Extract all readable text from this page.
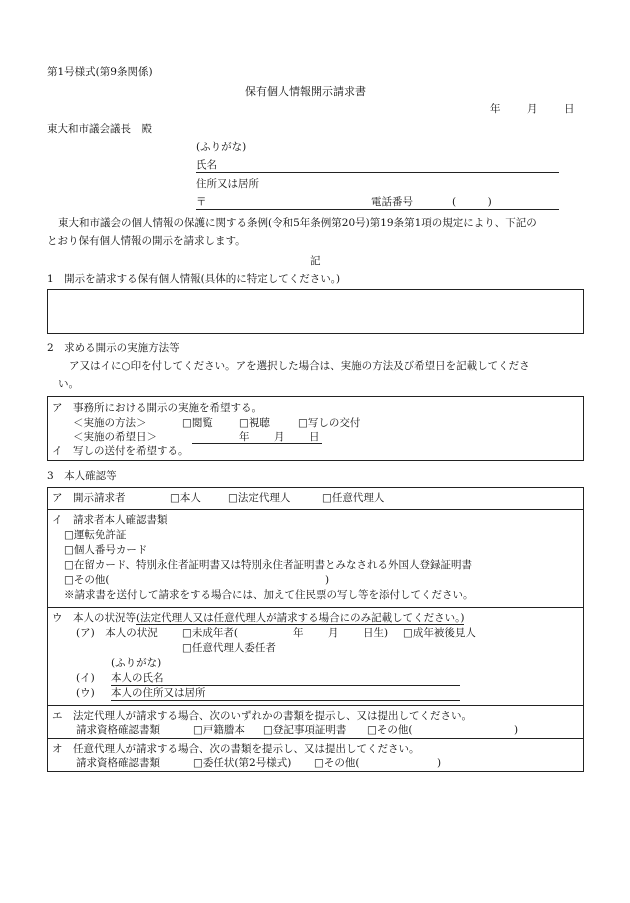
第1号様式(第9条関係)
保有個人情報開示請求書
年	月	日
東大和市議会議長　殿
(ふりがな)
氏名
住所又は居所
〒	電話番号	(　　　)
東大和市議会の個人情報の保護に関する条例(令和5年条例第20号)第19条第1項の規定により、下記の
とおり保有個人情報の開示を請求します。
記
1　開示を請求する保有個人情報(具体的に特定してください。)
2　求める開示の実施方法等
ア又はイに○印を付してください。アを選択した場合は、実施の方法及び希望日を記載してくださ
い。
ア　事務所における開示の実施を希望する。
＜実施の方法＞	□閲覧 □視聴	□写しの交付
＜実施の希望日＞	年 月 日
イ　写しの送付を希望する。
3　本人確認等
ア　開示請求者	□本人	□法定代理人	□任意代理人
イ　請求者本人確認書類
□運転免許証
□個人番号カード
□在留カード、特別永住者証明書又は特別永住者証明書とみなされる外国人登録証明書
□その他(	)
※請求書を送付して請求をする場合には、加えて住民票の写し等を添付してください。
ウ　本人の状況等(法定代理人又は任意代理人が請求する場合にのみ記載してください。)
(ア)　本人の状況 □未成年者(	年 月 日生) □成年被後見人
□任意代理人委任者
(ふりがな)
(イ) 本人の氏名
(ウ) 本人の住所又は居所
エ　法定代理人が請求する場合、次のいずれかの書類を提示し、又は提出してください。
請求資格確認書類	□戸籍謄本 □登記事項証明書 □その他(	)
オ　任意代理人が請求する場合、次の書類を提示し、又は提出してください。
請求資格確認書類	□委任状(第2号様式) □その他(	)
